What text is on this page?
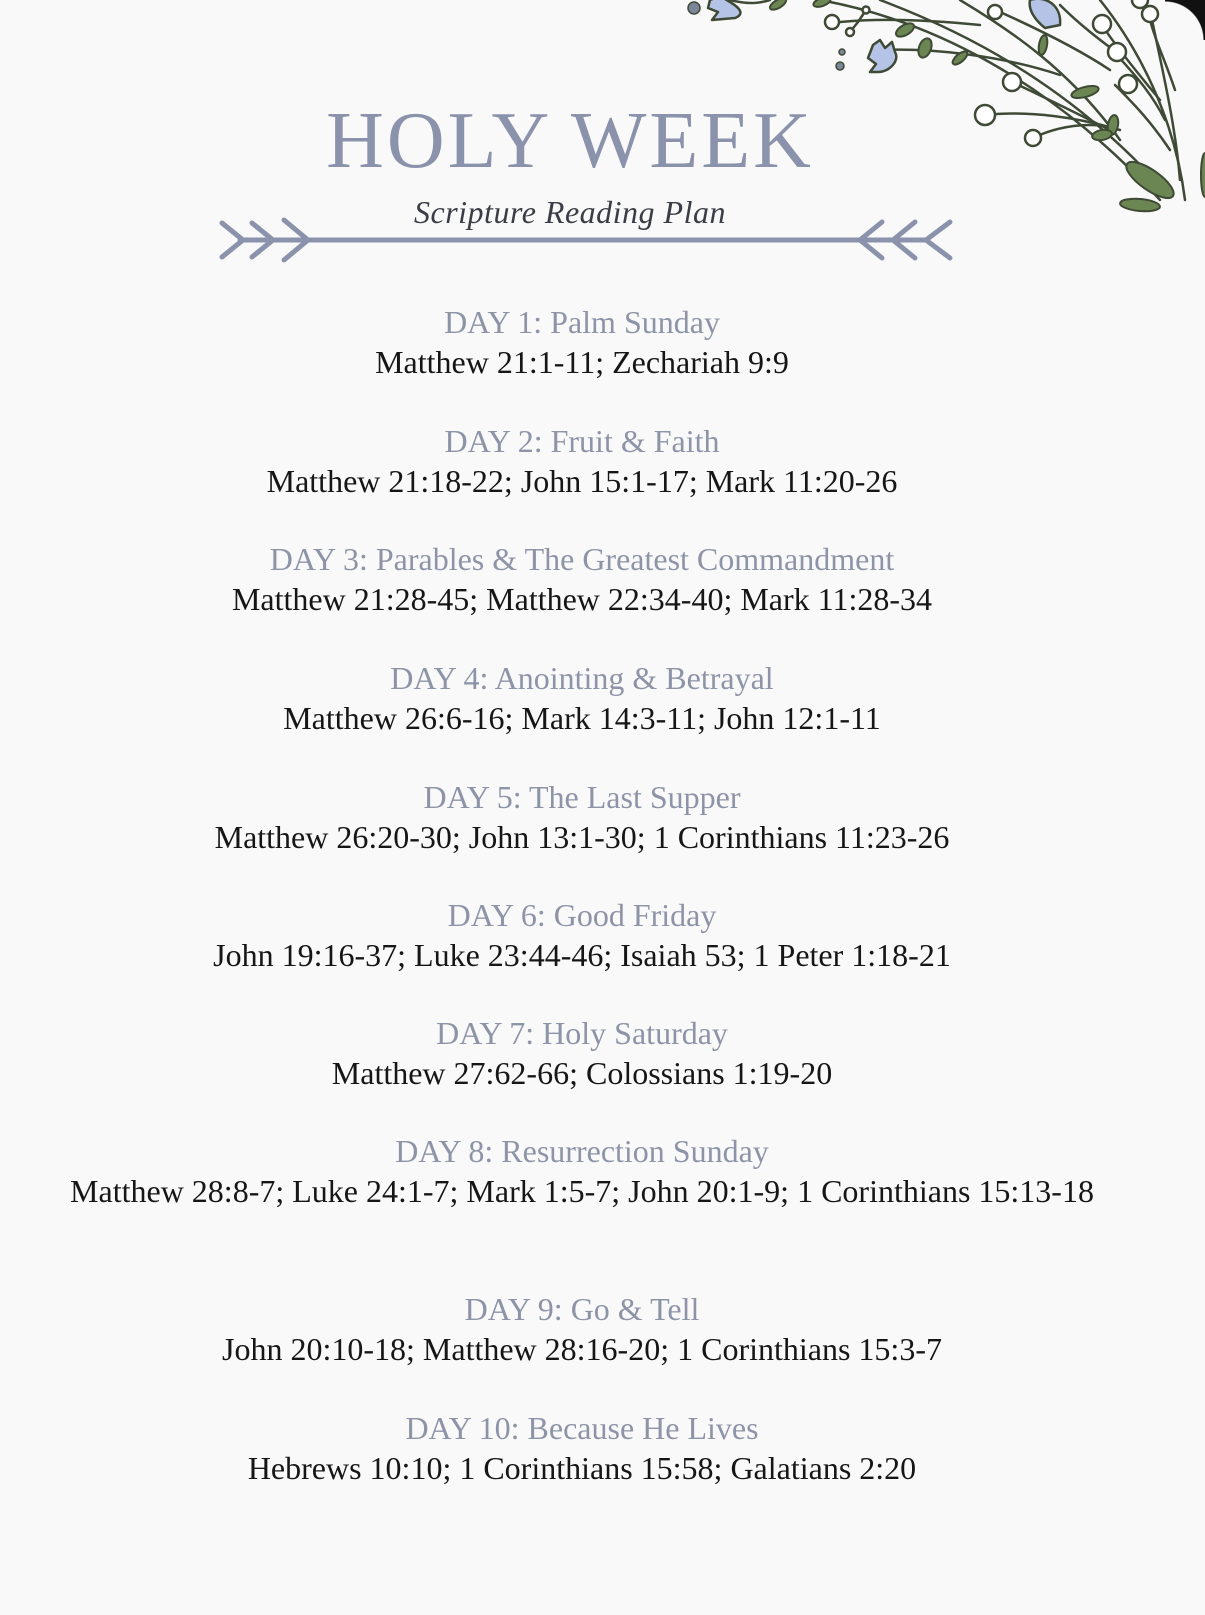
HOLY WEEK
Scripture Reading Plan
DAY 1: Palm Sunday
Matthew 21:1-11; Zechariah 9:9
DAY 2: Fruit & Faith
Matthew 21:18-22; John 15:1-17; Mark 11:20-26
DAY 3: Parables & The Greatest Commandment
Matthew 21:28-45; Matthew 22:34-40; Mark 11:28-34
DAY 4: Anointing & Betrayal
Matthew 26:6-16; Mark 14:3-11; John 12:1-11
DAY 5: The Last Supper
Matthew 26:20-30; John 13:1-30; 1 Corinthians 11:23-26
DAY 6: Good Friday
John 19:16-37; Luke 23:44-46; Isaiah 53; 1 Peter 1:18-21
DAY 7: Holy Saturday
Matthew 27:62-66; Colossians 1:19-20
DAY 8: Resurrection Sunday
Matthew 28:8-7; Luke 24:1-7; Mark 1:5-7; John 20:1-9; 1 Corinthians 15:13-18
DAY 9: Go & Tell
John 20:10-18; Matthew 28:16-20; 1 Corinthians 15:3-7
DAY 10: Because He Lives
Hebrews 10:10; 1 Corinthians 15:58; Galatians 2:20
